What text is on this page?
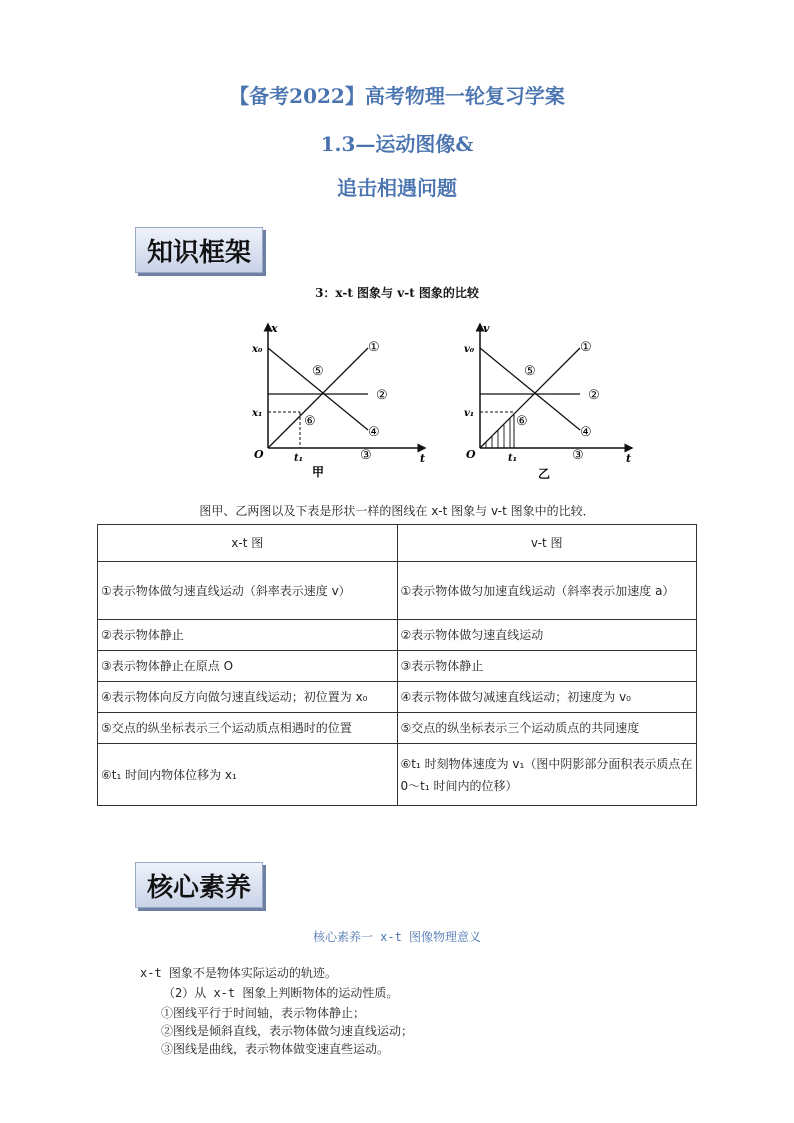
【备考2022】高考物理一轮复习学案
1.3—运动图像&
追击相遇问题
知识框架
3：x-t 图象与 v-t 图象的比较
x
t
O
x₀
x₁
t₁
①
②
③
④
⑤
⑥
甲
v
t
O
v₀
v₁
t₁
①
②
③
④
⑤
⑥
乙
图甲、乙两图以及下表是形状一样的图线在 x-t 图象与 v-t 图象中的比较．
x-t 图	v-t 图
①表示物体做匀速直线运动（斜率表示速度 v）	①表示物体做匀加速直线运动（斜率表示加速度 a）
②表示物体静止	②表示物体做匀速直线运动
③表示物体静止在原点 O	③表示物体静止
④表示物体向反方向做匀速直线运动；初位置为 x₀	④表示物体做匀减速直线运动；初速度为 v₀
⑤交点的纵坐标表示三个运动质点相遇时的位置	⑤交点的纵坐标表示三个运动质点的共同速度
⑥t₁ 时间内物体位移为 x₁	⑥t₁ 时刻物体速度为 v₁（图中阴影部分面积表示质点在 0～t₁ 时间内的位移）
核心素养
核心素养一 x-t 图像物理意义
x-t 图象不是物体实际运动的轨迹。
（2）从 x-t 图象上判断物体的运动性质。
①图线平行于时间轴，表示物体静止；
②图线是倾斜直线，表示物体做匀速直线运动；
③图线是曲线，表示物体做变速直些运动。
